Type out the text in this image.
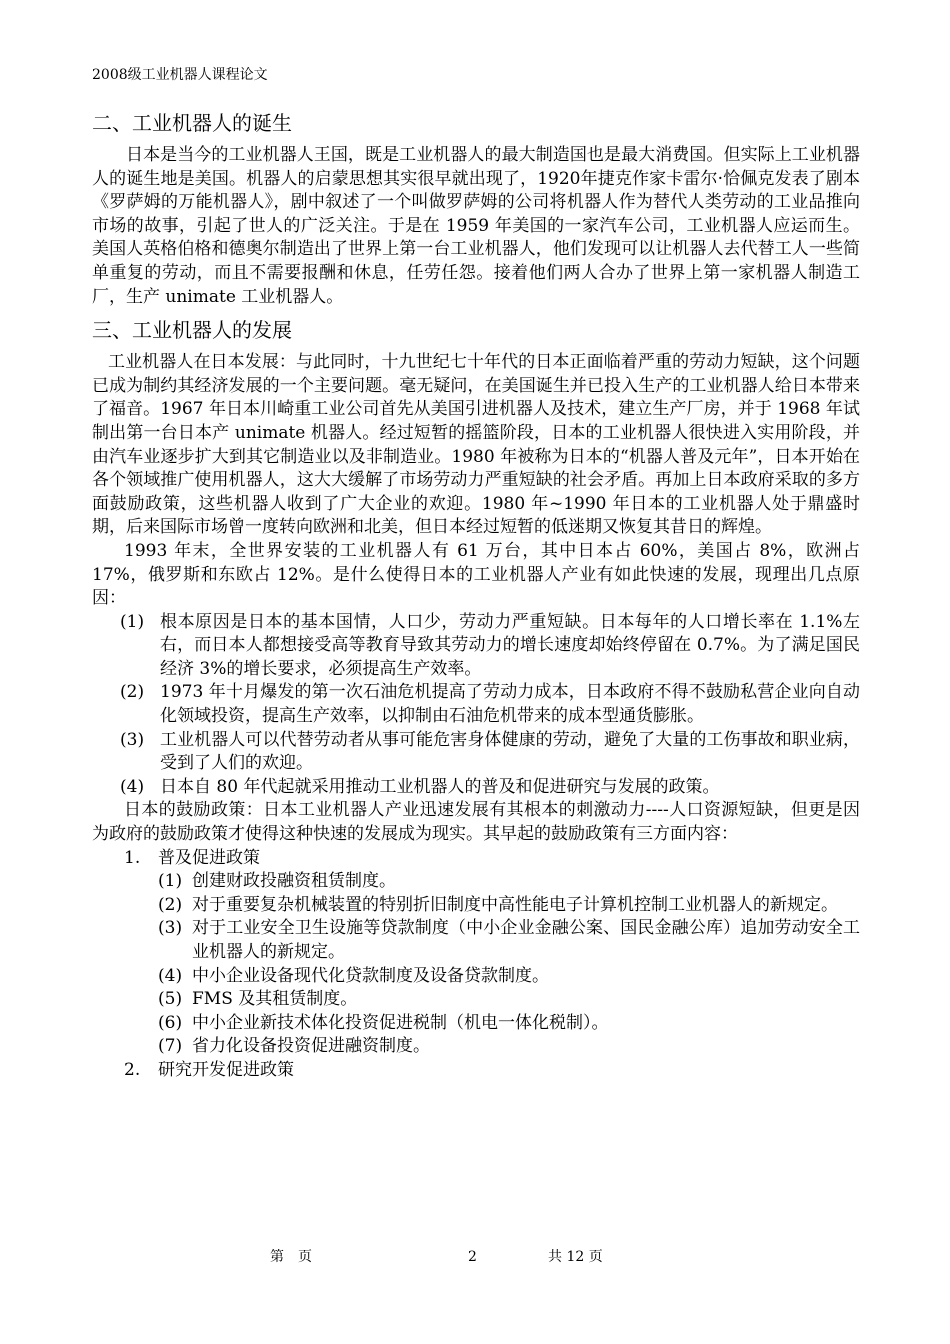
2008级工业机器人课程论文
二、工业机器人的诞生

日本是当今的工业机器人王国，既是工业机器人的最大制造国也是最大消费国。但实际上工业机器人的诞生地是美国。机器人的启蒙思想其实很早就出现了，1920年捷克作家卡雷尔·恰佩克发表了剧本《罗萨姆的万能机器人》，剧中叙述了一个叫做罗萨姆的公司将机器人作为替代人类劳动的工业品推向市场的故事，引起了世人的广泛关注。于是在 1959 年美国的一家汽车公司，工业机器人应运而生。美国人英格伯格和德奥尔制造出了世界上第一台工业机器人，他们发现可以让机器人去代替工人一些简单重复的劳动，而且不需要报酬和休息，任劳任怨。接着他们两人合办了世界上第一家机器人制造工厂，生产 unimate 工业机器人。

三、工业机器人的发展

工业机器人在日本发展：与此同时，十九世纪七十年代的日本正面临着严重的劳动力短缺，这个问题已成为制约其经济发展的一个主要问题。毫无疑问，在美国诞生并已投入生产的工业机器人给日本带来了福音。1967 年日本川崎重工业公司首先从美国引进机器人及技术，建立生产厂房，并于 1968 年试制出第一台日本产 unimate 机器人。经过短暂的摇篮阶段，日本的工业机器人很快进入实用阶段，并由汽车业逐步扩大到其它制造业以及非制造业。1980 年被称为日本的“机器人普及元年”，日本开始在各个领域推广使用机器人，这大大缓解了市场劳动力严重短缺的社会矛盾。再加上日本政府采取的多方面鼓励政策，这些机器人收到了广大企业的欢迎。1980 年~1990 年日本的工业机器人处于鼎盛时期，后来国际市场曾一度转向欧洲和北美，但日本经过短暂的低迷期又恢复其昔日的辉煌。

1993 年末，全世界安装的工业机器人有 61 万台，其中日本占 60%，美国占 8%，欧洲占 17%，俄罗斯和东欧占 12%。是什么使得日本的工业机器人产业有如此快速的发展，现理出几点原因：

(1) 根本原因是日本的基本国情，人口少，劳动力严重短缺。日本每年的人口增长率在 1.1%左右，而日本人都想接受高等教育导致其劳动力的增长速度却始终停留在 0.7%。为了满足国民经济 3%的增长要求，必须提高生产效率。
(2) 1973 年十月爆发的第一次石油危机提高了劳动力成本，日本政府不得不鼓励私营企业向自动化领域投资，提高生产效率，以抑制由石油危机带来的成本型通货膨胀。
(3) 工业机器人可以代替劳动者从事可能危害身体健康的劳动，避免了大量的工伤事故和职业病，受到了人们的欢迎。
(4) 日本自 80 年代起就采用推动工业机器人的普及和促进研究与发展的政策。

日本的鼓励政策：日本工业机器人产业迅速发展有其根本的刺激动力----人口资源短缺，但更是因为政府的鼓励政策才使得这种快速的发展成为现实。其早起的鼓励政策有三方面内容：

1. 普及促进政策
(1) 创建财政投融资租赁制度。
(2) 对于重要复杂机械装置的特别折旧制度中高性能电子计算机控制工业机器人的新规定。
(3) 对于工业安全卫生设施等贷款制度（中小企业金融公案、国民金融公库）追加劳动安全工业机器人的新规定。
(4) 中小企业设备现代化贷款制度及设备贷款制度。
(5) FMS 及其租赁制度。
(6) 中小企业新技术体化投资促进税制（机电一体化税制）。
(7) 省力化设备投资促进融资制度。
2. 研究开发促进政策
第　页	2	共 12 页
